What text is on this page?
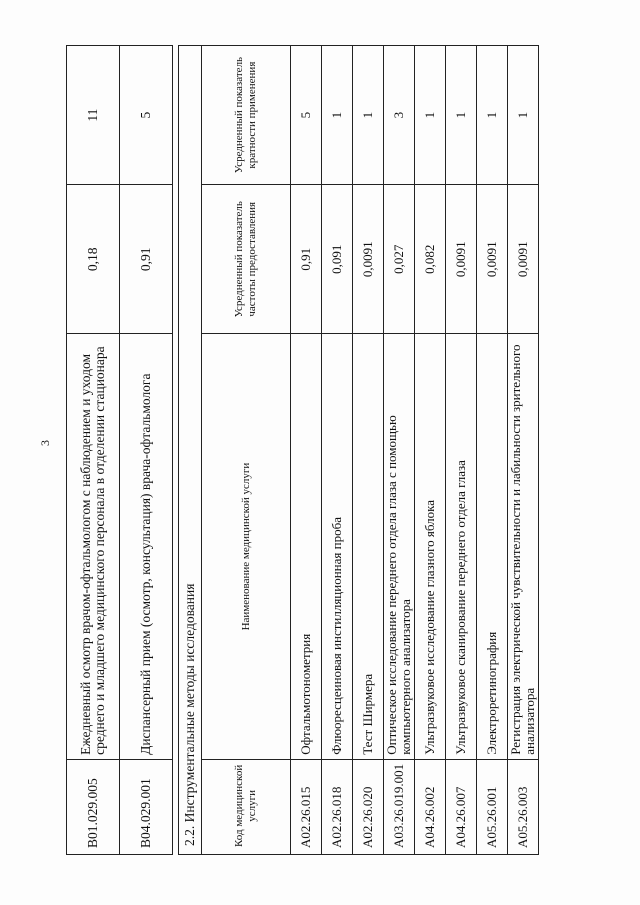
3
B01.029.005	Ежедневный осмотр врачом-офтальмологом с наблюдением и уходом среднего и младшего медицинского персонала в отделении стационара	0,18	11
B04.029.001	Диспансерный прием (осмотр, консультация) врача-офтальмолога	0,91	5
2.2. Инструментальные методы исследования			
Код медицинской услуги	Наименование медицинской услуги	Усредненный показатель частоты предоставления	Усредненный показатель кратности применения
A02.26.015	Офтальмотонометрия	0,91	5
A02.26.018	Флюоресцеиновая инстилляционная проба	0,091	1
A02.26.020	Тест Ширмера	0,0091	1
A03.26.019.001	Оптическое исследование переднего отдела глаза с помощью компьютерного анализатора	0,027	3
A04.26.002	Ультразвуковое исследование глазного яблока	0,082	1
A04.26.007	Ультразвуковое сканирование переднего отдела глаза	0,0091	1
A05.26.001	Электроретинография	0,0091	1
A05.26.003	Регистрация электрической чувствительности и лабильности зрительного анализатора	0,0091	1
